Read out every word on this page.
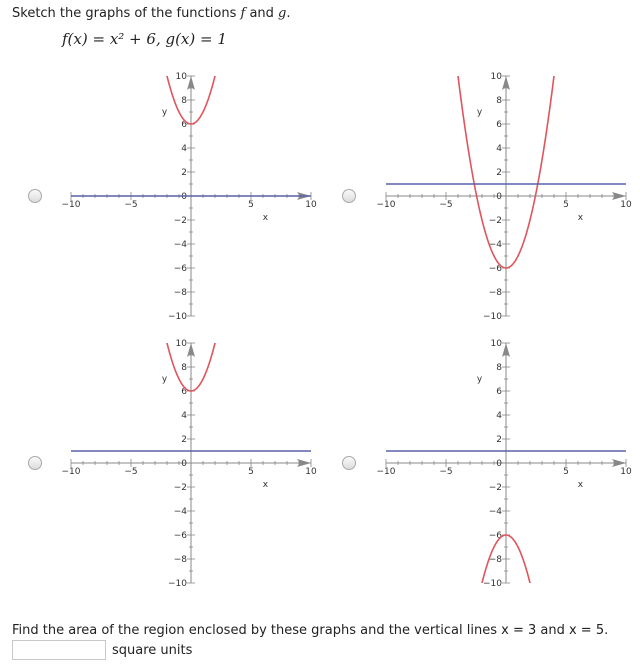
Sketch the graphs of the functions f and g.
f(x) = x² + 6, g(x) = 1
−10	−5	5	10
10
8
6
4
2
0
−2
−4
−6
−8
−10
x
y
−10	−5	5	10
10
8
6
4
2
0
−2
−4
−6
−8
−10
x
y
−10	−5	5	10
10
8
6
4
2
0
−2
−4
−6
−8
−10
x
y
−10	−5	5	10
10
8
6
4
2
0
−2
−4
−6
−8
−10
x
y
Find the area of the region enclosed by these graphs and the vertical lines x = 3 and x = 5.
square units
